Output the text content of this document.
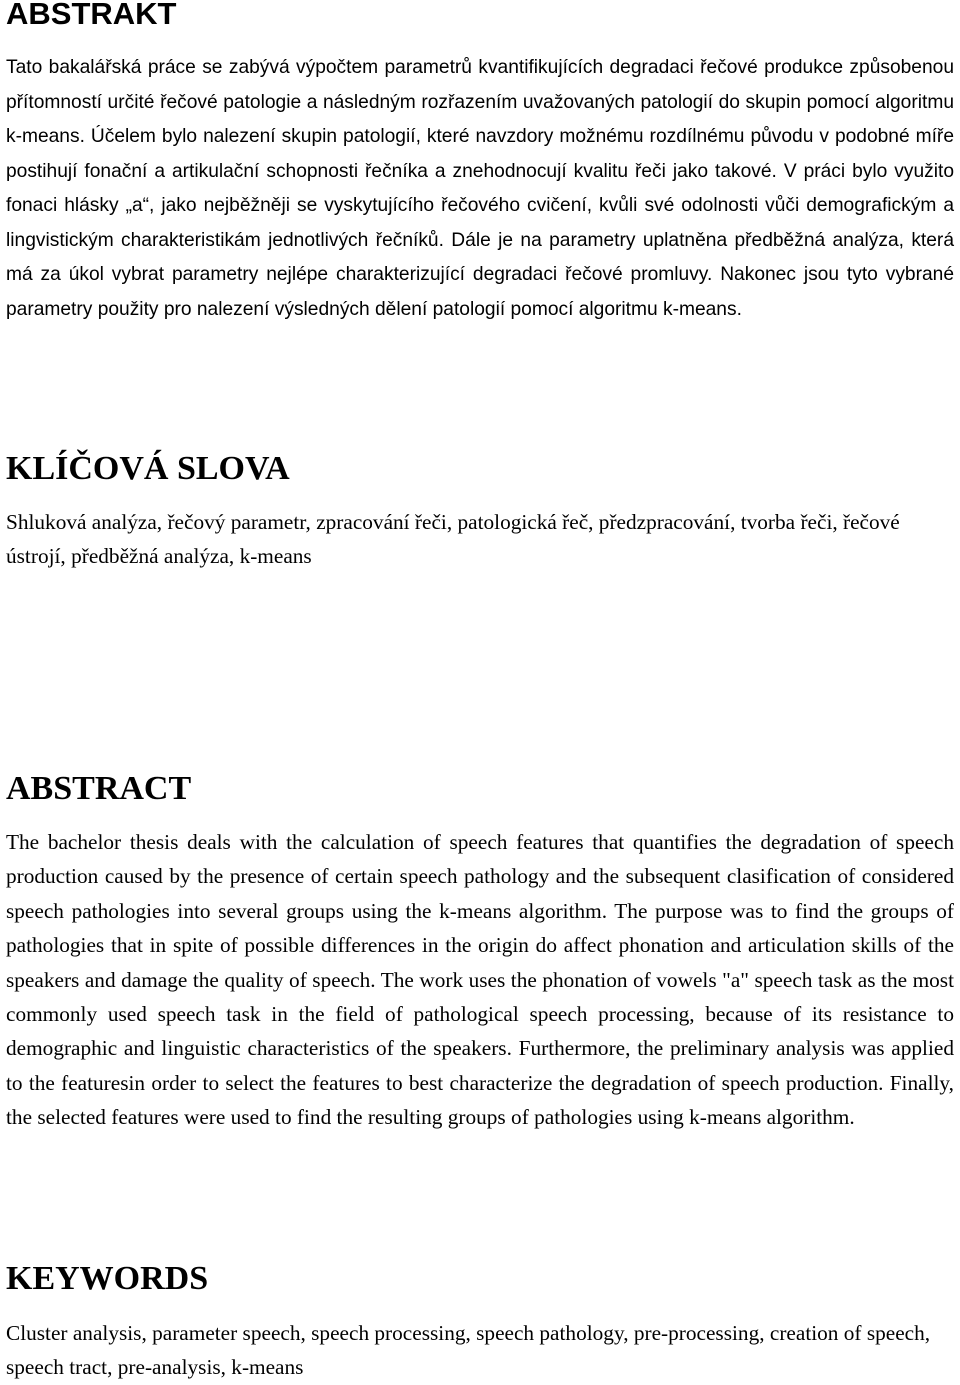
ABSTRAKT

Tato bakalářská práce se zabývá výpočtem parametrů kvantifikujících degradaci řečové produkce způsobenou přítomností určité řečové patologie a následným rozřazením uvažovaných patologií do skupin pomocí algoritmu k-means. Účelem bylo nalezení skupin patologií, které navzdory možnému rozdílnému původu v podobné míře postihují fonační a artikulační schopnosti řečníka a znehodnocují kvalitu řeči jako takové. V práci bylo využito fonaci hlásky „a“, jako nejběžněji se vyskytujícího řečového cvičení, kvůli své odolnosti vůči demografickým a lingvistickým charakteristikám jednotlivých řečníků. Dále je na parametry uplatněna předběžná analýza, která má za úkol vybrat parametry nejlépe charakterizující degradaci řečové promluvy. Nakonec jsou tyto vybrané parametry použity pro nalezení výsledných dělení patologií pomocí algoritmu k-means.

KLÍČOVÁ SLOVA

Shluková analýza, řečový parametr, zpracování řeči, patologická řeč, předzpracování, tvorba řeči, řečové ústrojí, předběžná analýza, k-means

ABSTRACT

The bachelor thesis deals with the calculation of speech features that quantifies the degradation of speech production caused by the presence of certain speech pathology and the subsequent clasification of considered speech pathologies into several groups using the k-means algorithm. The purpose was to find the groups of pathologies that in spite of possible differences in the origin do affect phonation and articulation skills of the speakers and damage the quality of speech. The work uses the phonation of vowels "a" speech task as the most commonly used speech task in the field of pathological speech processing, because of its resistance to demographic and linguistic characteristics of the speakers. Furthermore, the preliminary analysis was applied to the featuresin order to select the features to best characterize the degradation of speech production. Finally, the selected features were used to find the resulting groups of pathologies using k-means algorithm.

KEYWORDS

Cluster analysis, parameter speech, speech processing, speech pathology, pre-processing, creation of speech, speech tract, pre-analysis, k-means
